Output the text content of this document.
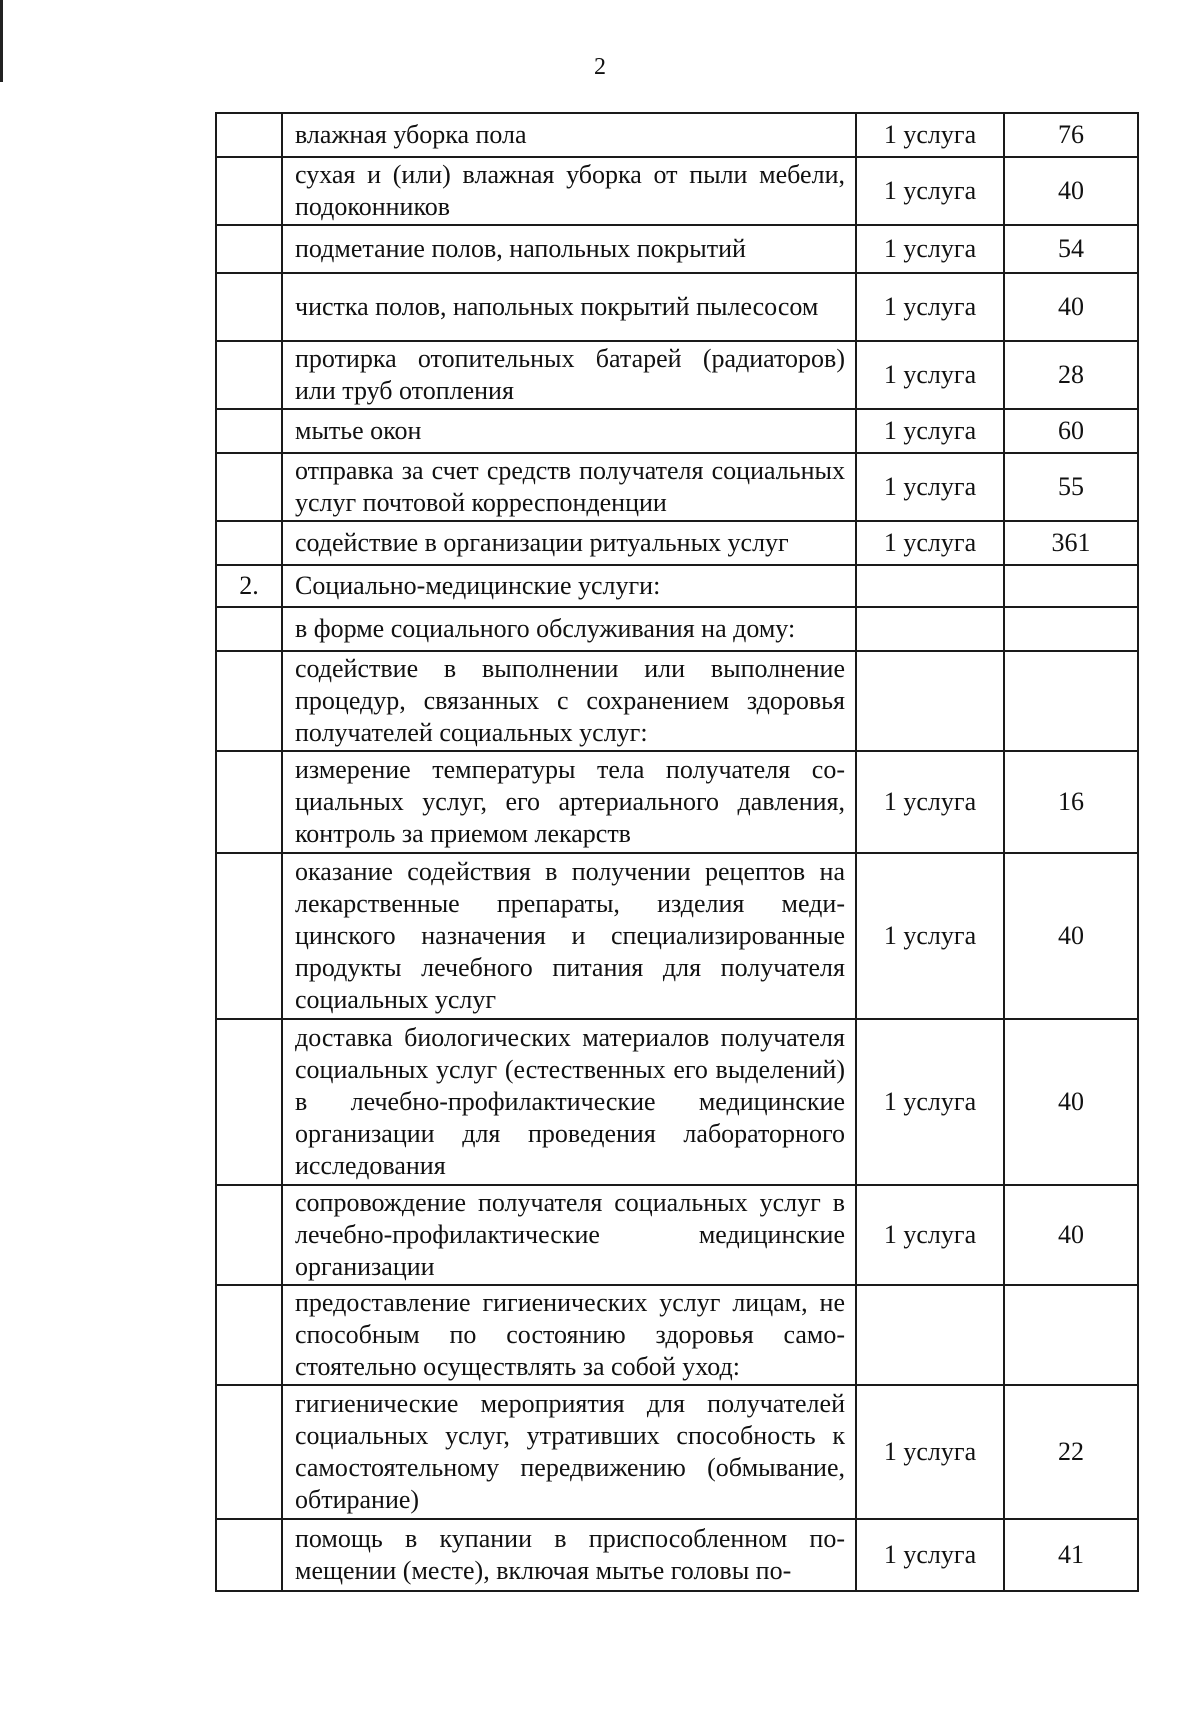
2
	влажная уборка пола	1 услуга	76
	сухая и (или) влажная уборка от пыли мебели, подоконников	1 услуга	40
	подметание полов, напольных покрытий	1 услуга	54
	чистка полов, напольных покрытий пылесосом	1 услуга	40
	протирка отопительных батарей (радиаторов) или труб отопления	1 услуга	28
	мытье окон	1 услуга	60
	отправка за счет средств получателя социальных услуг почтовой корреспонденции	1 услуга	55
	содействие в организации ритуальных услуг	1 услуга	361
2.	Социально-медицинские услуги:		
	в форме социального обслуживания на дому:		
	содействие в выполнении или выполнение процедур, связанных с сохранением здоровья получателей социальных услуг:		
	измерение температуры тела получателя социальных услуг, его артериального давления, контроль за приемом лекарств	1 услуга	16
	оказание содействия в получении рецептов на лекарственные препараты, изделия медицинского назначения и специализированные продукты лечебного питания для получателя социальных услуг	1 услуга	40
	доставка биологических материалов получателя социальных услуг (естественных его выделений) в лечебно-профилактические медицинские организации для проведения лабораторного исследования	1 услуга	40
	сопровождение получателя социальных услуг в лечебно-профилактические медицинские организации	1 услуга	40
	предоставление гигиенических услуг лицам, не способным по состоянию здоровья самостоятельно осуществлять за собой уход:		
	гигиенические мероприятия для получателей социальных услуг, утративших способность к самостоятельному передвижению (обмывание, обтирание)	1 услуга	22
	помощь в купании в приспособленном помещении (месте), включая мытье головы по-	1 услуга	41
